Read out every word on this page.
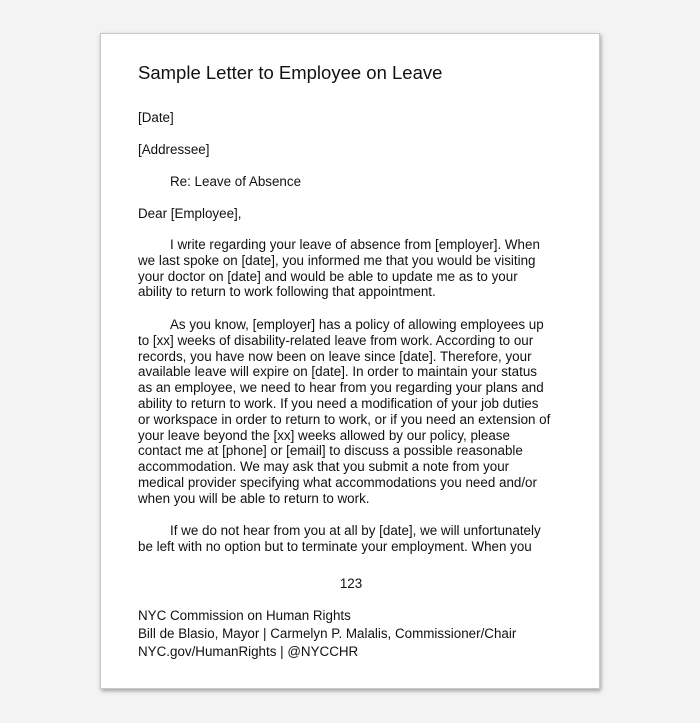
Sample Letter to Employee on Leave
[Date]
[Addressee]
Re: Leave of Absence
Dear [Employee],
I write regarding your leave of absence from [employer]. When
we last spoke on [date], you informed me that you would be visiting
your doctor on [date] and would be able to update me as to your
ability to return to work following that appointment.
As you know, [employer] has a policy of allowing employees up
to [xx] weeks of disability-related leave from work. According to our
records, you have now been on leave since [date]. Therefore, your
available leave will expire on [date]. In order to maintain your status
as an employee, we need to hear from you regarding your plans and
ability to return to work. If you need a modification of your job duties
or workspace in order to return to work, or if you need an extension of
your leave beyond the [xx] weeks allowed by our policy, please
contact me at [phone] or [email] to discuss a possible reasonable
accommodation. We may ask that you submit a note from your
medical provider specifying what accommodations you need and/or
when you will be able to return to work.
If we do not hear from you at all by [date], we will unfortunately
be left with no option but to terminate your employment. When you
123
NYC Commission on Human Rights
Bill de Blasio, Mayor | Carmelyn P. Malalis, Commissioner/Chair
NYC.gov/HumanRights | @NYCCHR
